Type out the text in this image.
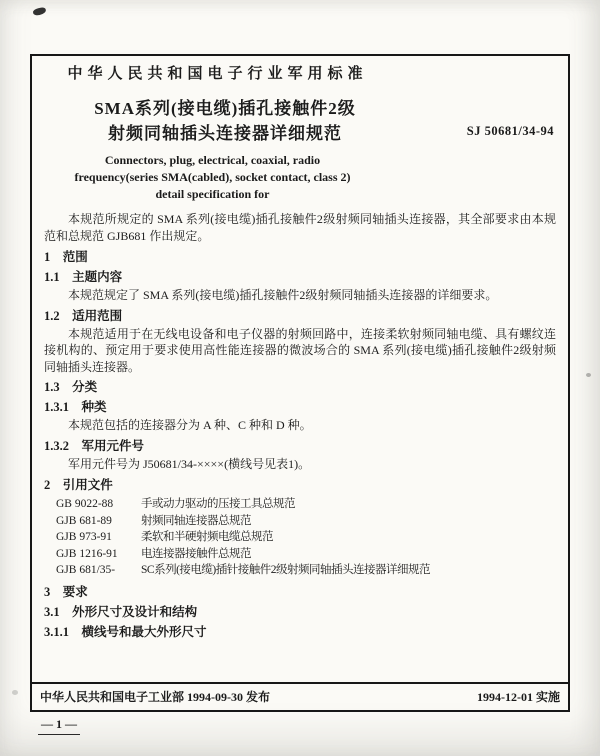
中华人民共和国电子行业军用标准
SMA系列(接电缆)插孔接触件2级
射频同轴插头连接器详细规范	SJ 50681/34-94
Connectors, plug, electrical, coaxial, radio
frequency(series SMA(cabled), socket contact, class 2)
detail specification for

本规范所规定的 SMA 系列(接电缆)插孔接触件2级射频同轴插头连接器，其全部要求由本规范和总规范 GJB681 作出规定。

1　范围
1.1　主题内容

本规范规定了 SMA 系列(接电缆)插孔接触件2级射频同轴插头连接器的详细要求。

1.2　适用范围

本规范适用于在无线电设备和电子仪器的射频回路中，连接柔软射频同轴电缆、具有螺纹连接机构的、预定用于要求使用高性能连接器的微波场合的 SMA 系列(接电缆)插孔接触件2级射频同轴插头连接器。

1.3　分类
1.3.1　种类

本规范包括的连接器分为 A 种、C 种和 D 种。

1.3.2　军用元件号

军用元件号为 J50681/34-××××(横线号见表1)。

2　引用文件
GB 9022-88	手或动力驱动的压接工具总规范
GJB 681-89	射频同轴连接器总规范
GJB 973-91	柔软和半硬射频电缆总规范
GJB 1216-91	电连接器接触件总规范
GJB 681/35-	SC系列(接电缆)插针接触件2级射频同轴插头连接器详细规范
3　要求
3.1　外形尺寸及设计和结构
3.1.1　横线号和最大外形尺寸
中华人民共和国电子工业部 1994-09-30 发布	1994-12-01 实施
— 1 —
